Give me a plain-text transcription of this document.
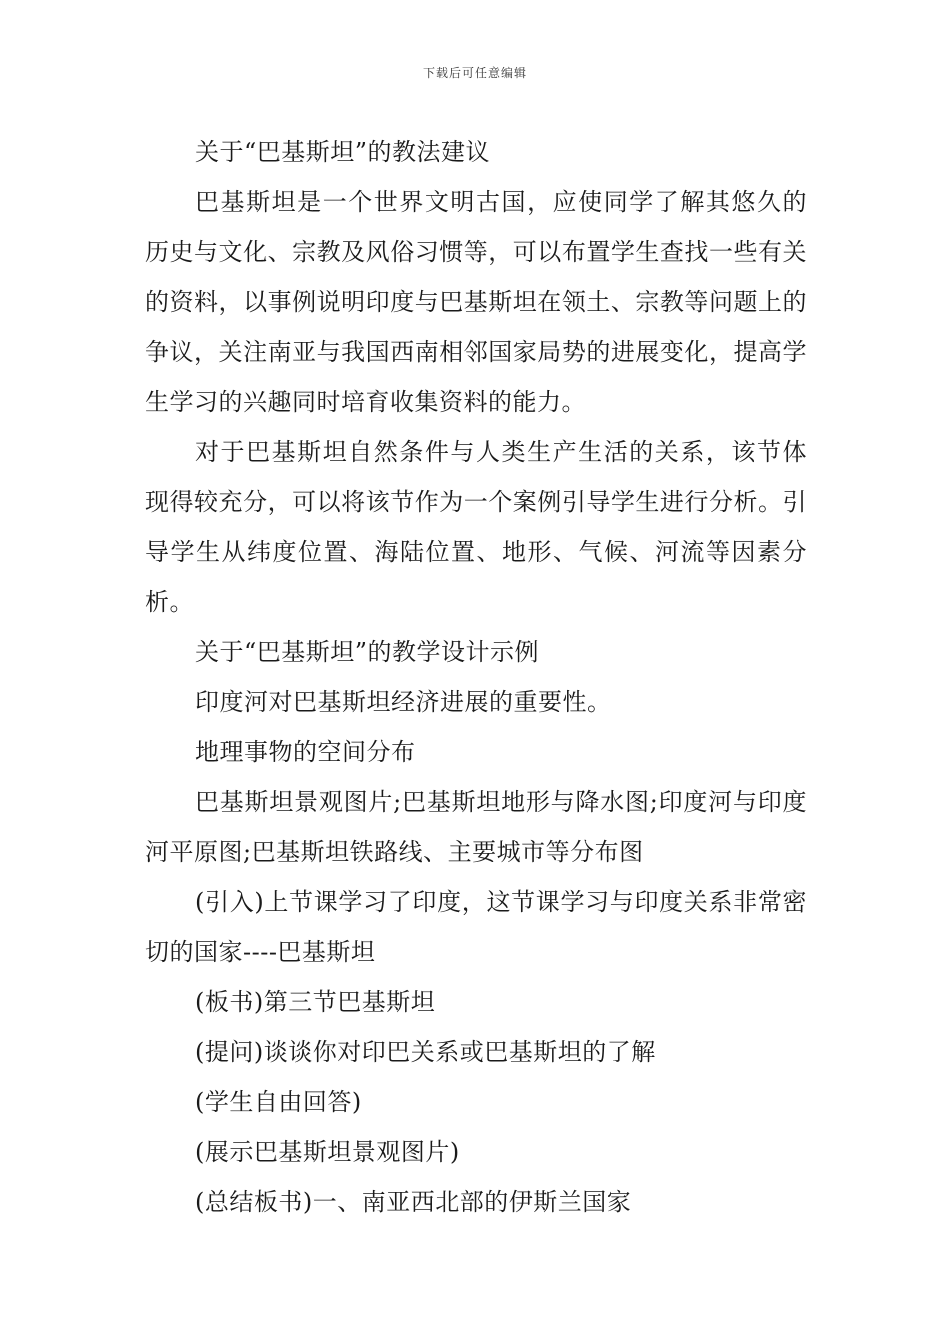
下载后可任意编辑

关于“巴基斯坦”的教法建议

巴基斯坦是一个世界文明古国，应使同学了解其悠久的历史与文化、宗教及风俗习惯等，可以布置学生查找一些有关的资料，以事例说明印度与巴基斯坦在领土、宗教等问题上的争议，关注南亚与我国西南相邻国家局势的进展变化，提高学生学习的兴趣同时培育收集资料的能力。

对于巴基斯坦自然条件与人类生产生活的关系，该节体现得较充分，可以将该节作为一个案例引导学生进行分析。引导学生从纬度位置、海陆位置、地形、气候、河流等因素分析。

关于“巴基斯坦”的教学设计示例

印度河对巴基斯坦经济进展的重要性。

地理事物的空间分布

巴基斯坦景观图片;巴基斯坦地形与降水图;印度河与印度河平原图;巴基斯坦铁路线、主要城市等分布图

(引入)上节课学习了印度，这节课学习与印度关系非常密切的国家----巴基斯坦

(板书)第三节巴基斯坦

(提问)谈谈你对印巴关系或巴基斯坦的了解

(学生自由回答)

(展示巴基斯坦景观图片)

(总结板书)一、南亚西北部的伊斯兰国家
